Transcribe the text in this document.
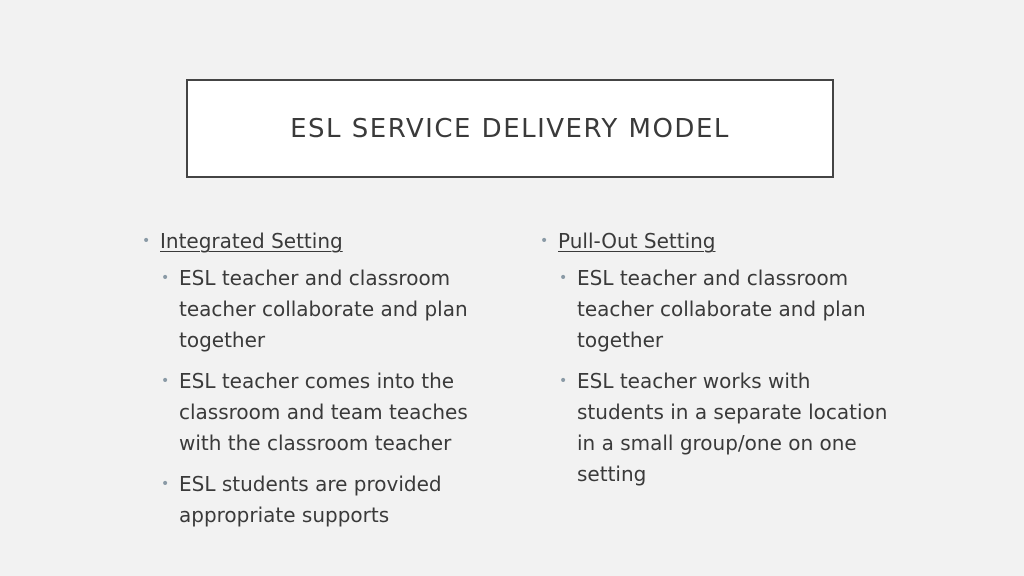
ESL SERVICE DELIVERY MODEL
• Integrated Setting
• ESL teacher and classroom teacher collaborate and plan together
• ESL teacher comes into the classroom and team teaches with the classroom teacher
• ESL students are provided appropriate supports
• Pull-Out Setting
• ESL teacher and classroom teacher collaborate and plan together
• ESL teacher works with students in a separate location in a small group/one on one setting
